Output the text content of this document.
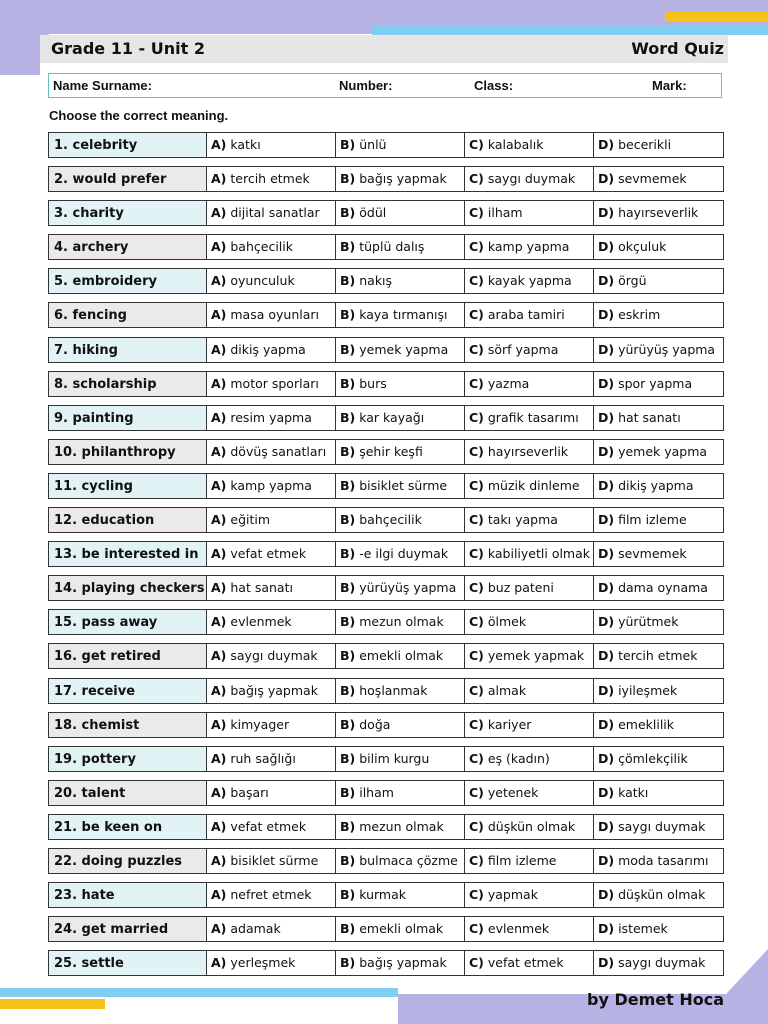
Grade 11 - Unit 2	Word Quiz
Name Surname:	Number:	Class:	Mark:
Choose the correct meaning.
1. celebrity	A) katkı	B) ünlü	C) kalabalık	D) becerikli
2. would prefer	A) tercih etmek	B) bağış yapmak	C) saygı duymak	D) sevmemek
3. charity	A) dijital sanatlar	B) ödül	C) ilham	D) hayırseverlik
4. archery	A) bahçecilik	B) tüplü dalış	C) kamp yapma	D) okçuluk
5. embroidery	A) oyunculuk	B) nakış	C) kayak yapma	D) örgü
6. fencing	A) masa oyunları	B) kaya tırmanışı	C) araba tamiri	D) eskrim
7. hiking	A) dikiş yapma	B) yemek yapma	C) sörf yapma	D) yürüyüş yapma
8. scholarship	A) motor sporları	B) burs	C) yazma	D) spor yapma
9. painting	A) resim yapma	B) kar kayağı	C) grafik tasarımı	D) hat sanatı
10. philanthropy	A) dövüş sanatları	B) şehir keşfi	C) hayırseverlik	D) yemek yapma
11. cycling	A) kamp yapma	B) bisiklet sürme	C) müzik dinleme	D) dikiş yapma
12. education	A) eğitim	B) bahçecilik	C) takı yapma	D) film izleme
13. be interested in	A) vefat etmek	B) -e ilgi duymak	C) kabiliyetli olmak D) sevmemek
14. playing checkers A) hat sanatı	B) yürüyüş yapma	C) buz pateni	D) dama oynama
15. pass away	A) evlenmek	B) mezun olmak	C) ölmek	D) yürütmek
16. get retired	A) saygı duymak	B) emekli olmak	C) yemek yapmak	D) tercih etmek
17. receive	A) bağış yapmak	B) hoşlanmak	C) almak	D) iyileşmek
18. chemist	A) kimyager	B) doğa	C) kariyer	D) emeklilik
19. pottery	A) ruh sağlığı	B) bilim kurgu	C) eş (kadın)	D) çömlekçilik
20. talent	A) başarı	B) ilham	C) yetenek	D) katkı
21. be keen on	A) vefat etmek	B) mezun olmak	C) düşkün olmak	D) saygı duymak
22. doing puzzles	A) bisiklet sürme	B) bulmaca çözme C) film izleme	D) moda tasarımı
23. hate	A) nefret etmek	B) kurmak	C) yapmak	D) düşkün olmak
24. get married	A) adamak	B) emekli olmak	C) evlenmek	D) istemek
25. settle	A) yerleşmek	B) bağış yapmak	C) vefat etmek	D) saygı duymak
by Demet Hoca
